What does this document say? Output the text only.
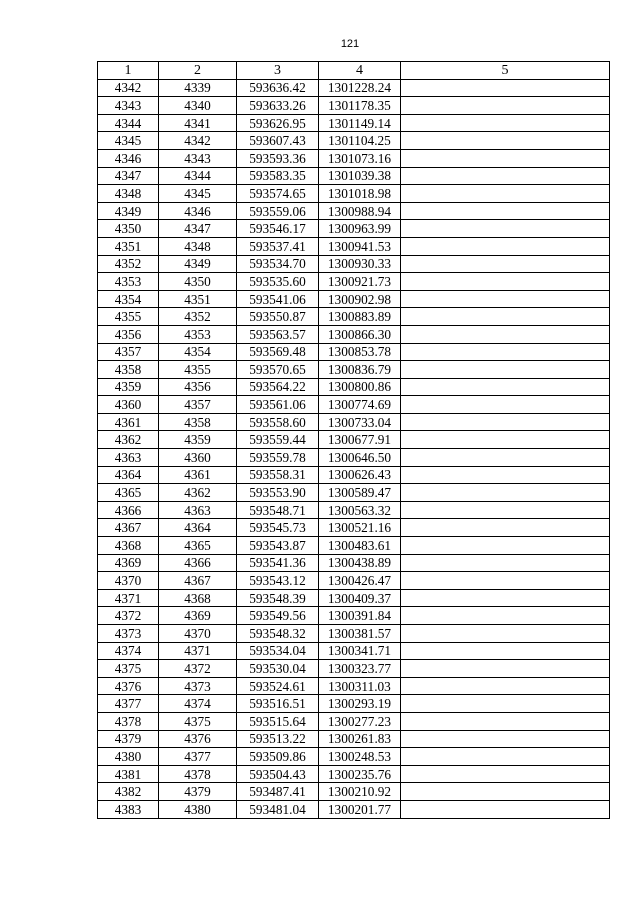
121
1	2	3	4	5
4342	4339	593636.42	1301228.24	
4343	4340	593633.26	1301178.35	
4344	4341	593626.95	1301149.14	
4345	4342	593607.43	1301104.25	
4346	4343	593593.36	1301073.16	
4347	4344	593583.35	1301039.38	
4348	4345	593574.65	1301018.98	
4349	4346	593559.06	1300988.94	
4350	4347	593546.17	1300963.99	
4351	4348	593537.41	1300941.53	
4352	4349	593534.70	1300930.33	
4353	4350	593535.60	1300921.73	
4354	4351	593541.06	1300902.98	
4355	4352	593550.87	1300883.89	
4356	4353	593563.57	1300866.30	
4357	4354	593569.48	1300853.78	
4358	4355	593570.65	1300836.79	
4359	4356	593564.22	1300800.86	
4360	4357	593561.06	1300774.69	
4361	4358	593558.60	1300733.04	
4362	4359	593559.44	1300677.91	
4363	4360	593559.78	1300646.50	
4364	4361	593558.31	1300626.43	
4365	4362	593553.90	1300589.47	
4366	4363	593548.71	1300563.32	
4367	4364	593545.73	1300521.16	
4368	4365	593543.87	1300483.61	
4369	4366	593541.36	1300438.89	
4370	4367	593543.12	1300426.47	
4371	4368	593548.39	1300409.37	
4372	4369	593549.56	1300391.84	
4373	4370	593548.32	1300381.57	
4374	4371	593534.04	1300341.71	
4375	4372	593530.04	1300323.77	
4376	4373	593524.61	1300311.03	
4377	4374	593516.51	1300293.19	
4378	4375	593515.64	1300277.23	
4379	4376	593513.22	1300261.83	
4380	4377	593509.86	1300248.53	
4381	4378	593504.43	1300235.76	
4382	4379	593487.41	1300210.92	
4383	4380	593481.04	1300201.77	
